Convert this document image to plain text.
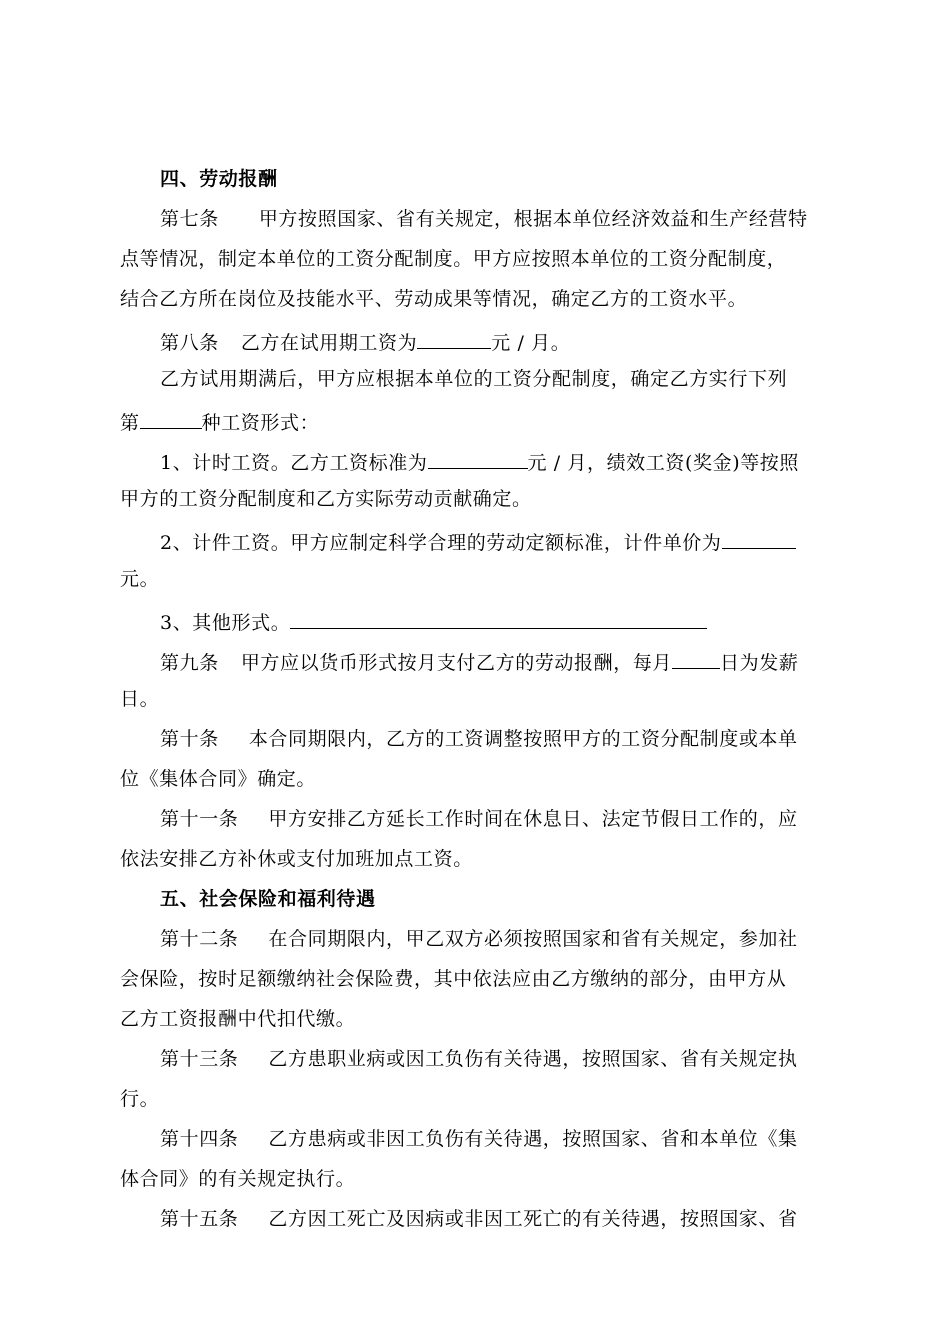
四、劳动报酬
第七条 甲方按照国家、省有关规定，根据本单位经济效益和生产经营特
点等情况，制定本单位的工资分配制度。甲方应按照本单位的工资分配制度，
结合乙方所在岗位及技能水平、劳动成果等情况，确定乙方的工资水平。
第八条 乙方在试用期工资为	元 / 月。
乙方试用期满后，甲方应根据本单位的工资分配制度，确定乙方实行下列
第	种工资形式：
1、计时工资。乙方工资标准为	元 / 月，绩效工资(奖金)等按照
甲方的工资分配制度和乙方实际劳动贡献确定。
2、计件工资。甲方应制定科学合理的劳动定额标准，计件单价为
元。
3、其他形式。
第九条 甲方应以货币形式按月支付乙方的劳动报酬，每月	日为发薪
日。
第十条 本合同期限内，乙方的工资调整按照甲方的工资分配制度或本单
位《集体合同》确定。
第十一条 甲方安排乙方延长工作时间在休息日、法定节假日工作的，应
依法安排乙方补休或支付加班加点工资。
五、社会保险和福利待遇
第十二条 在合同期限内，甲乙双方必须按照国家和省有关规定，参加社
会保险，按时足额缴纳社会保险费，其中依法应由乙方缴纳的部分，由甲方从
乙方工资报酬中代扣代缴。
第十三条 乙方患职业病或因工负伤有关待遇，按照国家、省有关规定执
行。
第十四条 乙方患病或非因工负伤有关待遇，按照国家、省和本单位《集
体合同》的有关规定执行。
第十五条 乙方因工死亡及因病或非因工死亡的有关待遇，按照国家、省
